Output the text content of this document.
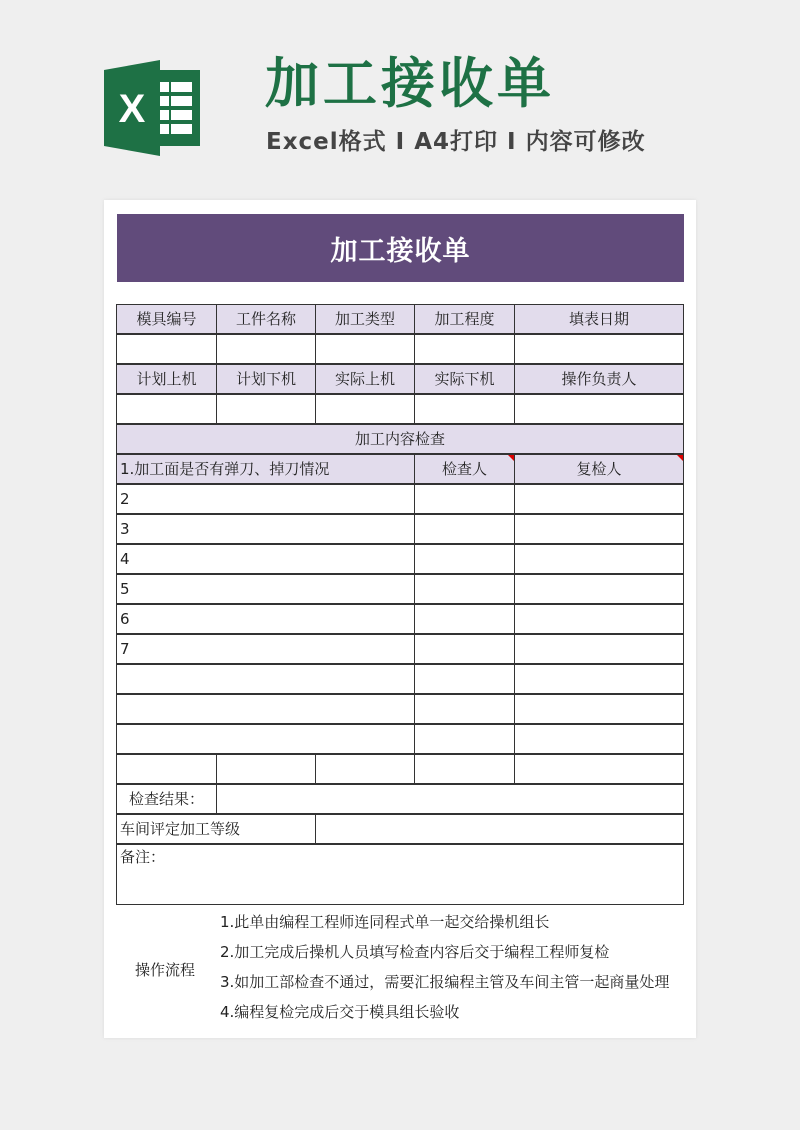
X 加工接收单
Excel格式 I A4打印 I 内容可修改
加工接收单
模具编号	工件名称	加工类型	加工程度	填表日期
计划上机	计划下机	实际上机	实际下机	操作负责人
加工内容检查
1.加工面是否有弹刀、掉刀情况	检查人	复检人
2
3
4
5
6
7
检查结果：
车间评定加工等级
备注：
操作流程
1.此单由编程工程师连同程式单一起交给操机组长
2.加工完成后操机人员填写检查内容后交于编程工程师复检
3.如加工部检查不通过，需要汇报编程主管及车间主管一起商量处理
4.编程复检完成后交于模具组长验收
